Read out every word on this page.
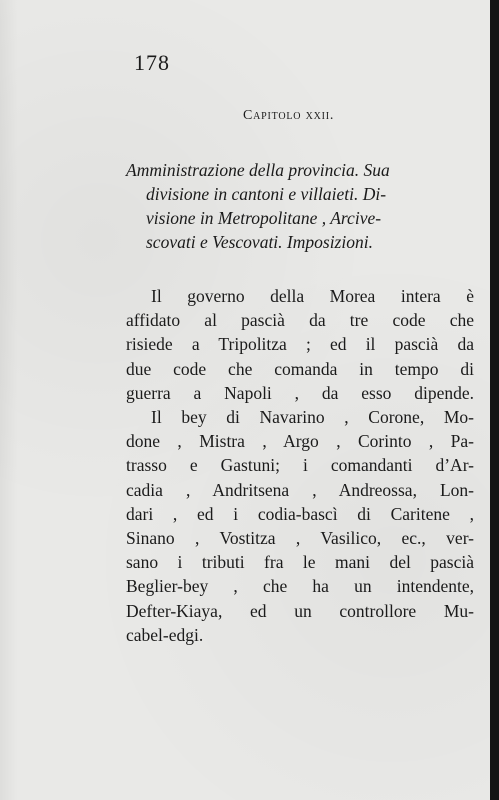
178
Capitolo xxii.
Amministrazione della provincia. Sua
divisione in cantoni e villaieti. Di-
visione in Metropolitane , Arcive-
scovati e Vescovati. Imposizioni.
Il governo della Morea intera è
affidato al pascià da tre code che
risiede a Tripolitza ; ed il pascià da
due code che comanda in tempo di
guerra a Napoli , da esso dipende.
Il bey di Navarino , Corone, Mo-
done , Mistra , Argo , Corinto , Pa-
trasso e Gastuni; i comandanti d’Ar-
cadia , Andritsena , Andreossa, Lon-
dari , ed i codia-bascì di Caritene ,
Sinano , Vostitza , Vasilico, ec., ver-
sano i tributi fra le mani del pascià
Beglier-bey , che ha un intendente,
Defter-Kiaya, ed un controllore Mu-
cabel-edgi.
